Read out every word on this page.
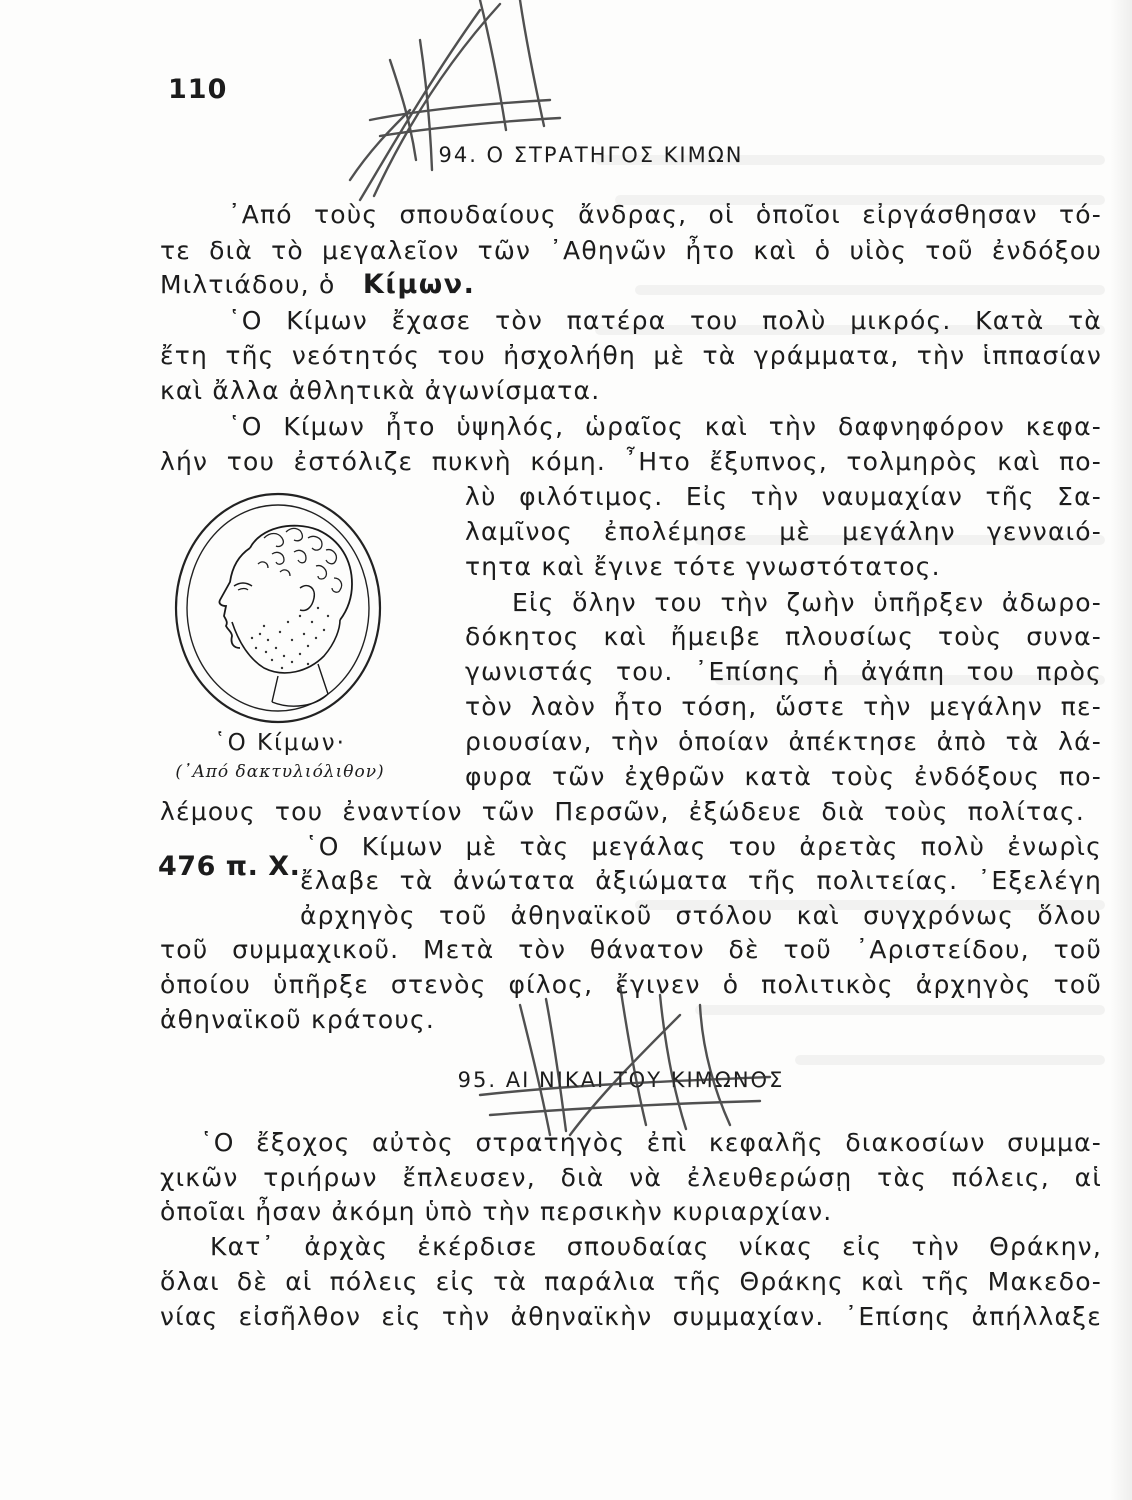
110
94. Ο ΣΤΡΑΤΗΓΟΣ ΚΙΜΩΝ
᾿Από τοὺς σπουδαίους ἄνδρας, οἱ ὁποῖοι εἰργάσθησαν τό-
τε διὰ τὸ μεγαλεῖον τῶν ᾿Αθηνῶν ἦτο καὶ ὁ υἱὸς τοῦ ἐνδόξου
Μιλτιάδου, ὁ Κίμων.
῾Ο Κίμων ἔχασε τὸν πατέρα του πολὺ μικρός. Κατὰ τὰ
ἔτη τῆς νεότητός του ἠσχολήθη μὲ τὰ γράμματα, τὴν ἱππασίαν
καὶ ἄλλα ἀθλητικὰ ἀγωνίσματα.
῾Ο Κίμων ἦτο ὑψηλός, ὡραῖος καὶ τὴν δαφνηφόρον κεφα-
λήν του ἐστόλιζε πυκνὴ κόμη. ῏Ητο ἔξυπνος, τολμηρὸς καὶ πο-
λὺ φιλότιμος. Εἰς τὴν ναυμαχίαν τῆς Σα-
λαμῖνος ἐπολέμησε μὲ μεγάλην γενναιό-
τητα καὶ ἔγινε τότε γνωστότατος.
Εἰς ὅλην του τὴν ζωὴν ὑπῆρξεν ἀδωρο-
δόκητος καὶ ἤμειβε πλουσίως τοὺς συνα-
γωνιστάς του. ᾿Επίσης ἡ ἀγάπη του πρὸς
τὸν λαὸν ἦτο τόση, ὥστε τὴν μεγάλην πε-
ριουσίαν, τὴν ὁποίαν ἀπέκτησε ἀπὸ τὰ λά-
φυρα τῶν ἐχθρῶν κατὰ τοὺς ἐνδόξους πο-
λέμους του ἐναντίον τῶν Περσῶν, ἐξώδευε διὰ τοὺς πολίτας.
῾Ο Κίμων μὲ τὰς μεγάλας του ἀρετὰς πολὺ ἐνωρὶς
ἔλαβε τὰ ἀνώτατα ἀξιώματα τῆς πολιτείας. ᾿Εξελέγη
ἀρχηγὸς τοῦ ἀθηναϊκοῦ στόλου καὶ συγχρόνως ὅλου
τοῦ συμμαχικοῦ. Μετὰ τὸν θάνατον δὲ τοῦ ᾿Αριστείδου, τοῦ
ὁποίου ὑπῆρξε στενὸς φίλος, ἔγινεν ὁ πολιτικὸς ἀρχηγὸς τοῦ
ἀθηναϊκοῦ κράτους.
476 π. Χ.
῾Ο Κίμων·
(᾿Από δακτυλιόλιθον)
95. ΑΙ ΝΙΚΑΙ ΤΟΥ ΚΙΜΩΝΟΣ
῾Ο ἔξοχος αὐτὸς στρατηγὸς ἐπὶ κεφαλῆς διακοσίων συμμα-
χικῶν τριήρων ἔπλευσεν, διὰ νὰ ἐλευθερώσῃ τὰς πόλεις, αἱ
ὁποῖαι ἦσαν ἀκόμη ὑπὸ τὴν περσικὴν κυριαρχίαν.
Κατ᾿ ἀρχὰς ἐκέρδισε σπουδαίας νίκας εἰς τὴν Θράκην,
ὅλαι δὲ αἱ πόλεις εἰς τὰ παράλια τῆς Θράκης καὶ τῆς Μακεδο-
νίας εἰσῆλθον εἰς τὴν ἀθηναϊκὴν συμμαχίαν. ᾿Επίσης ἀπήλλαξε
